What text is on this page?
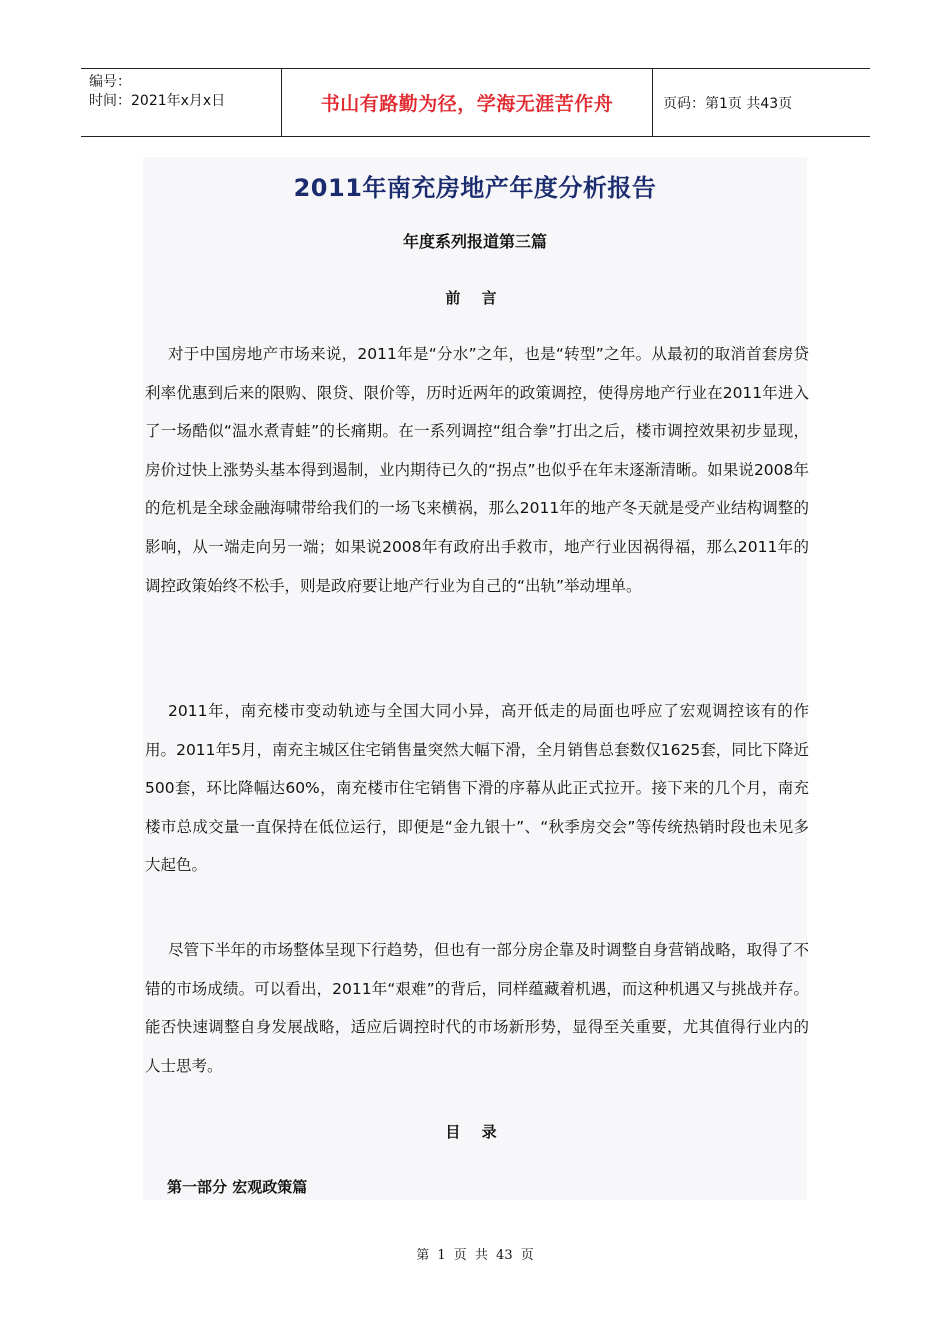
编号：
时间：2021年x月x日	书山有路勤为径，学海无涯苦作舟	页码：第1页 共43页
2011年南充房地产年度分析报告
年度系列报道第三篇
前 言

对于中国房地产市场来说，2011年是“分水”之年，也是“转型”之年。从最初的取消首套房贷利率优惠到后来的限购、限贷、限价等，历时近两年的政策调控，使得房地产行业在2011年进入了一场酷似“温水煮青蛙”的长痛期。在一系列调控“组合拳”打出之后，楼市调控效果初步显现，房价过快上涨势头基本得到遏制，业内期待已久的“拐点”也似乎在年末逐渐清晰。如果说2008年的危机是全球金融海啸带给我们的一场飞来横祸，那么2011年的地产冬天就是受产业结构调整的影响，从一端走向另一端；如果说2008年有政府出手救市，地产行业因祸得福，那么2011年的调控政策始终不松手，则是政府要让地产行业为自己的“出轨”举动埋单。

2011年，南充楼市变动轨迹与全国大同小异，高开低走的局面也呼应了宏观调控该有的作用。2011年5月，南充主城区住宅销售量突然大幅下滑，全月销售总套数仅1625套，同比下降近500套，环比降幅达60%，南充楼市住宅销售下滑的序幕从此正式拉开。接下来的几个月，南充楼市总成交量一直保持在低位运行，即便是“金九银十”、“秋季房交会”等传统热销时段也未见多大起色。

尽管下半年的市场整体呈现下行趋势，但也有一部分房企靠及时调整自身营销战略，取得了不错的市场成绩。可以看出，2011年“艰难”的背后，同样蕴藏着机遇，而这种机遇又与挑战并存。能否快速调整自身发展战略，适应后调控时代的市场新形势，显得至关重要，尤其值得行业内的人士思考。

目 录
第一部分 宏观政策篇
第 1 页 共 43 页
